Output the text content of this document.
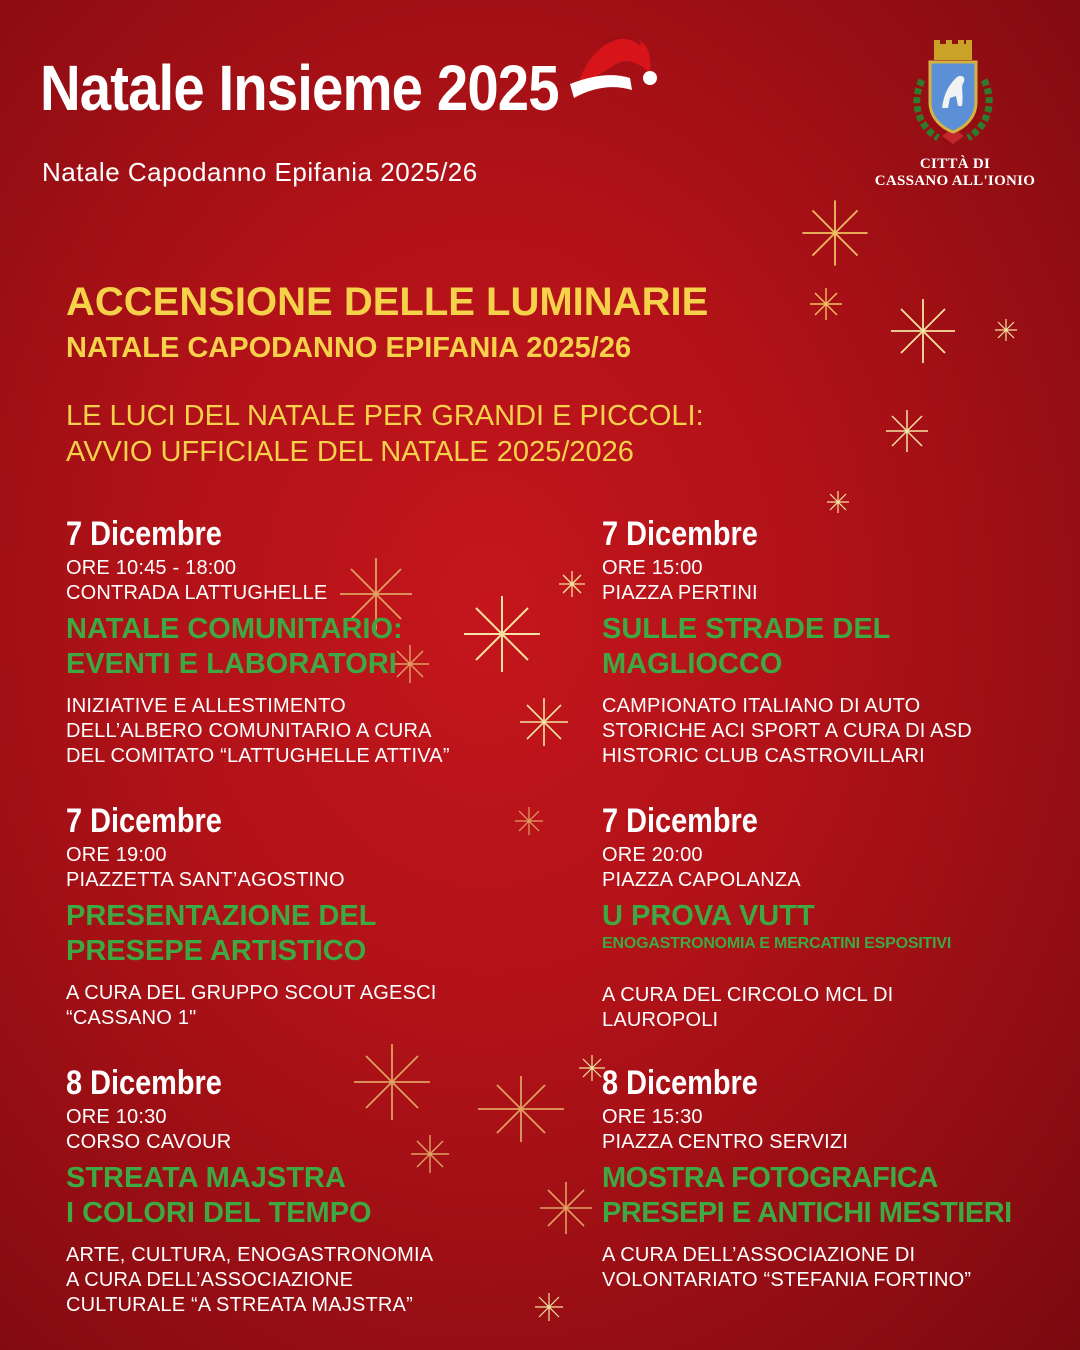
Natale Insieme 2025
Natale Capodanno Epifania 2025/26	CITTÀ DI
CASSANO ALL'IONIO
ACCENSIONE DELLE LUMINARIE
NATALE CAPODANNO EPIFANIA 2025/26
LE LUCI DEL NATALE PER GRANDI E PICCOLI:
AVVIO UFFICIALE DEL NATALE 2025/2026
7 Dicembre
ORE 10:45 - 18:00
CONTRADA LATTUGHELLE
NATALE COMUNITARIO:
EVENTI E LABORATORI
INIZIATIVE E ALLESTIMENTO
DELL’ALBERO COMUNITARIO A CURA
DEL COMITATO “LATTUGHELLE ATTIVA”
7 Dicembre
ORE 15:00
PIAZZA PERTINI
SULLE STRADE DEL
MAGLIOCCO
CAMPIONATO ITALIANO DI AUTO
STORICHE ACI SPORT A CURA DI ASD
HISTORIC CLUB CASTROVILLARI
7 Dicembre
ORE 19:00
PIAZZETTA SANT’AGOSTINO
PRESENTAZIONE DEL
PRESEPE ARTISTICO
A CURA DEL GRUPPO SCOUT AGESCI
“CASSANO 1"
7 Dicembre
ORE 20:00
PIAZZA CAPOLANZA
U PROVA VUTT
ENOGASTRONOMIA E MERCATINI ESPOSITIVI
A CURA DEL CIRCOLO MCL DI
LAUROPOLI
8 Dicembre
ORE 10:30
CORSO CAVOUR
STREATA MAJSTRA
I COLORI DEL TEMPO
ARTE, CULTURA, ENOGASTRONOMIA
A CURA DELL’ASSOCIAZIONE
CULTURALE “A STREATA MAJSTRA”
8 Dicembre
ORE 15:30
PIAZZA CENTRO SERVIZI
MOSTRA FOTOGRAFICA
PRESEPI E ANTICHI MESTIERI
A CURA DELL’ASSOCIAZIONE DI
VOLONTARIATO “STEFANIA FORTINO”
